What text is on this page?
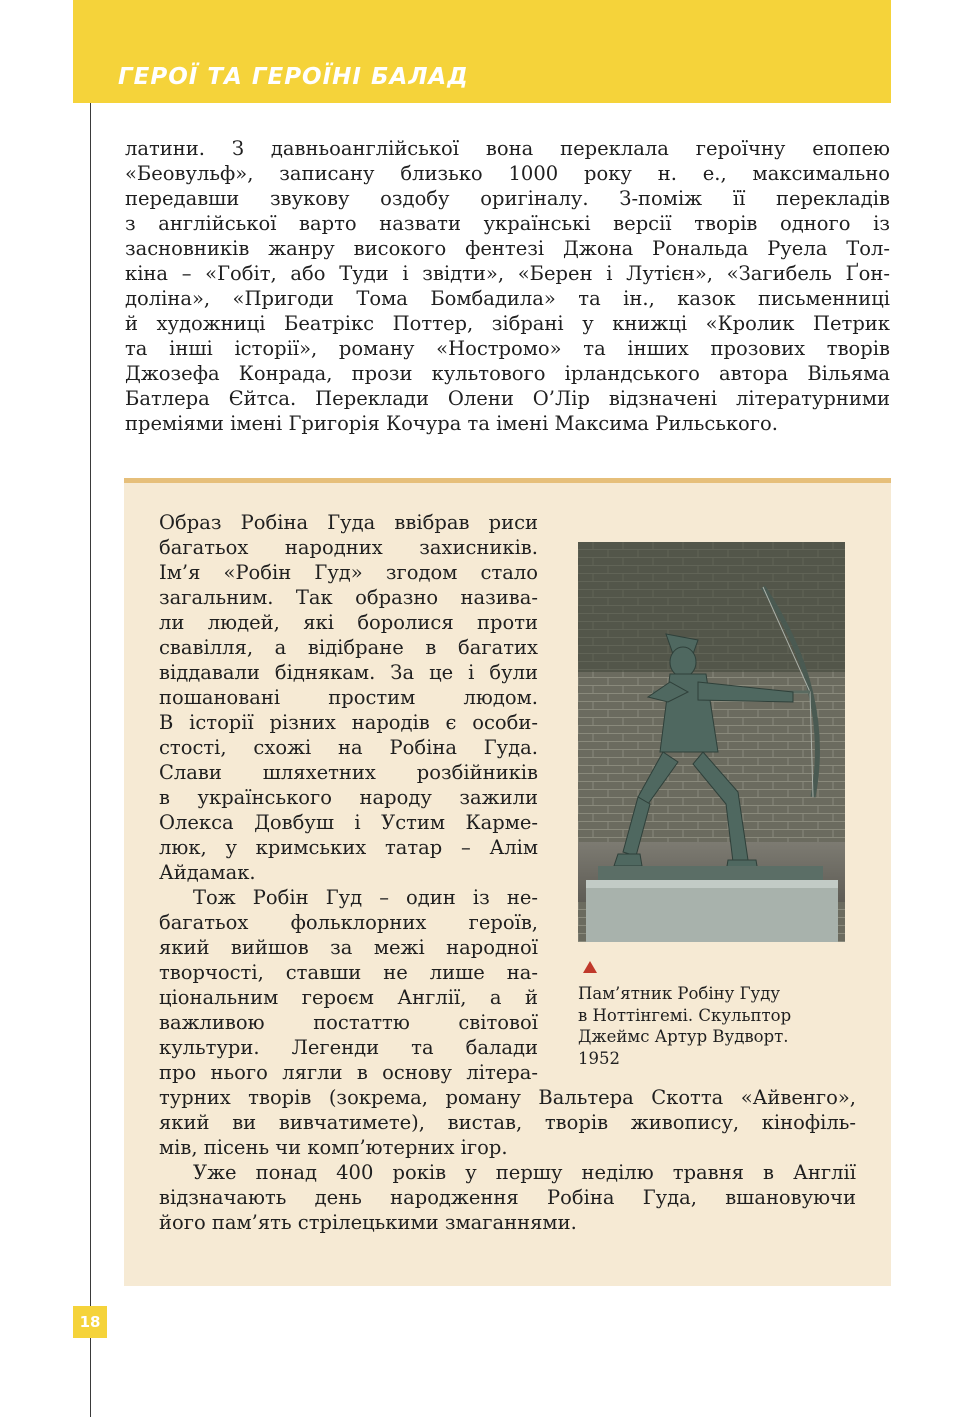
ГЕРОЇ ТА ГЕРОЇНІ БАЛАД
18
латини. З давньоанглійської вона переклала героїчну епопею
«Беовульф», записану близько 1000 року н. е., максимально
передавши звукову оздобу оригіналу. З-поміж її перекладів
з англійської варто назвати українські версії творів одного із
засновників жанру високого фентезі Джона Рональда Руела Тол-
кіна – «Гобіт, або Туди і звідти», «Берен і Лутієн», «Загибель Ґон-
доліна», «Пригоди Тома Бомбадила» та ін., казок письменниці
й художниці Беатрікс Поттер, зібрані у книжці «Кролик Петрик
та інші історії», роману «Ностромо» та інших прозових творів
Джозефа Конрада, прози культового ірландського автора Вільяма
Батлера Єйтса. Переклади Олени О’Лір відзначені літературними
преміями імені Григорія Кочура та імені Максима Рильського.
Образ Робіна Гуда ввібрав риси
багатьох народних захисників.
Ім’я «Робін Гуд» згодом стало
загальним. Так образно назива-
ли людей, які боролися проти
свавілля, а відібране в багатих
віддавали біднякам. За це і були
пошановані простим людом.
В історії різних народів є особи-
стості, схожі на Робіна Гуда.
Слави шляхетних розбійників
в українського народу зажили
Олекса Довбуш і Устим Карме-
люк, у кримських татар – Алім
Айдамак.
Тож Робін Гуд – один із не-
багатьох фольклорних героїв,
який вийшов за межі народної
творчості, ставши не лише на-
ціональним героєм Англії, а й
важливою постаттю світової
культури. Легенди та балади
про нього лягли в основу літера-
турних творів (зокрема, роману Вальтера Скотта «Айвенго»,
який ви вивчатимете), вистав, творів живопису, кінофіль-
мів, пісень чи комп’ютерних ігор.
Уже понад 400 років у першу неділю травня в Англії
відзначають день народження Робіна Гуда, вшановуючи
його пам’ять стрілецькими змаганнями.
Пам’ятник Робіну Гуду
в Ноттінгемі. Скульптор
Джеймс Артур Вудворт.
1952
